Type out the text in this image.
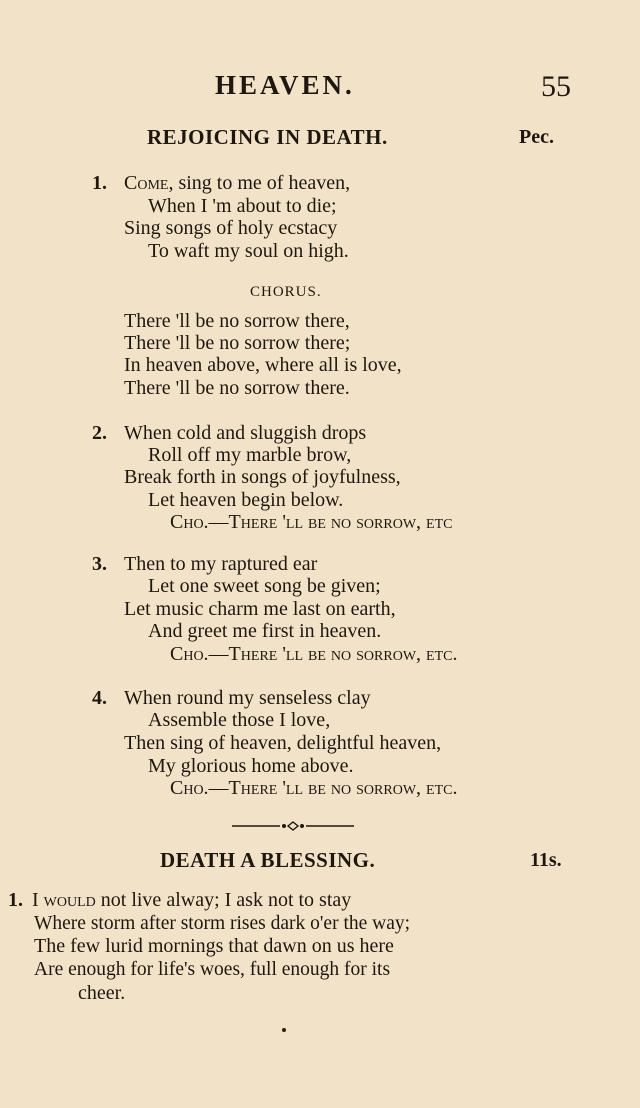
HEAVEN.	55
REJOICING IN DEATH.	Pec.
1. Come, sing to me of heaven,
When I 'm about to die;
Sing songs of holy ecstacy
To waft my soul on high.
CHORUS.
There 'll be no sorrow there,
There 'll be no sorrow there;
In heaven above, where all is love,
There 'll be no sorrow there.
2. When cold and sluggish drops
Roll off my marble brow,
Break forth in songs of joyfulness,
Let heaven begin below.
Cho.—There 'll be no sorrow, etc
3. Then to my raptured ear
Let one sweet song be given;
Let music charm me last on earth,
And greet me first in heaven.
Cho.—There 'll be no sorrow, etc.
4. When round my senseless clay
Assemble those I love,
Then sing of heaven, delightful heaven,
My glorious home above.
Cho.—There 'll be no sorrow, etc.
DEATH A BLESSING.	11s.
1. I would not live alway; I ask not to stay
Where storm after storm rises dark o'er the way;
The few lurid mornings that dawn on us here
Are enough for life's woes, full enough for its
cheer.
